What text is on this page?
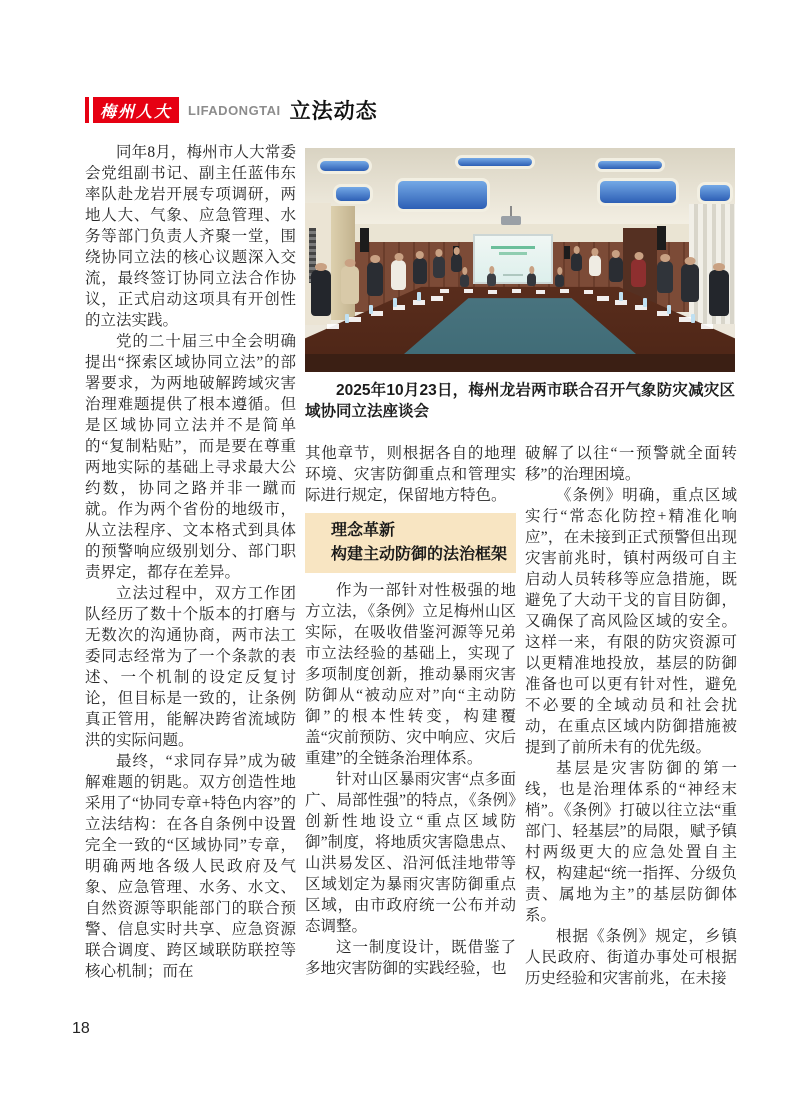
梅州人大	LIFADONGTAI 立法动态

2025年10月23日，梅州龙岩两市联合召开气象防灾减灾区域协同立法座谈会

同年8月，梅州市人大常委会党组副书记、副主任蓝伟东率队赴龙岩开展专项调研，两地人大、气象、应急管理、水务等部门负责人齐聚一堂，围绕协同立法的核心议题深入交流，最终签订协同立法合作协议，正式启动这项具有开创性的立法实践。

党的二十届三中全会明确提出“探索区域协同立法”的部署要求，为两地破解跨域灾害治理难题提供了根本遵循。但是区域协同立法并不是简单的“复制粘贴”，而是要在尊重两地实际的基础上寻求最大公约数，协同之路并非一蹴而就。作为两个省份的地级市，从立法程序、文本格式到具体的预警响应级别划分、部门职责界定，都存在差异。

立法过程中，双方工作团队经历了数十个版本的打磨与无数次的沟通协商，两市法工委同志经常为了一个条款的表述、一个机制的设定反复讨论，但目标是一致的，让条例真正管用，能解决跨省流域防洪的实际问题。

最终，“求同存异”成为破解难题的钥匙。双方创造性地采用了“协同专章+特色内容”的立法结构：在各自条例中设置完全一致的“区域协同”专章，明确两地各级人民政府及气象、应急管理、水务、水文、自然资源等职能部门的联合预警、信息实时共享、应急资源联合调度、跨区域联防联控等核心机制；而在

其他章节，则根据各自的地理环境、灾害防御重点和管理实际进行规定，保留地方特色。

理念革新
构建主动防御的法治框架

作为一部针对性极强的地方立法，《条例》立足梅州山区实际，在吸收借鉴河源等兄弟市立法经验的基础上，实现了多项制度创新，推动暴雨灾害防御从“被动应对”向“主动防御”的根本性转变，构建覆盖“灾前预防、灾中响应、灾后重建”的全链条治理体系。

针对山区暴雨灾害“点多面广、局部性强”的特点，《条例》创新性地设立“重点区域防御”制度，将地质灾害隐患点、山洪易发区、沿河低洼地带等区域划定为暴雨灾害防御重点区域，由市政府统一公布并动态调整。

这一制度设计，既借鉴了多地灾害防御的实践经验，也

破解了以往“一预警就全面转移”的治理困境。

《条例》明确，重点区域实行“常态化防控+精准化响应”，在未接到正式预警但出现灾害前兆时，镇村两级可自主启动人员转移等应急措施，既避免了大动干戈的盲目防御，又确保了高风险区域的安全。这样一来，有限的防灾资源可以更精准地投放，基层的防御准备也可以更有针对性，避免不必要的全域动员和社会扰动，在重点区域内防御措施被提到了前所未有的优先级。

基层是灾害防御的第一线，也是治理体系的“神经末梢”。《条例》打破以往立法“重部门、轻基层”的局限，赋予镇村两级更大的应急处置自主权，构建起“统一指挥、分级负责、属地为主”的基层防御体系。

根据《条例》规定，乡镇人民政府、街道办事处可根据历史经验和灾害前兆，在未接

18
